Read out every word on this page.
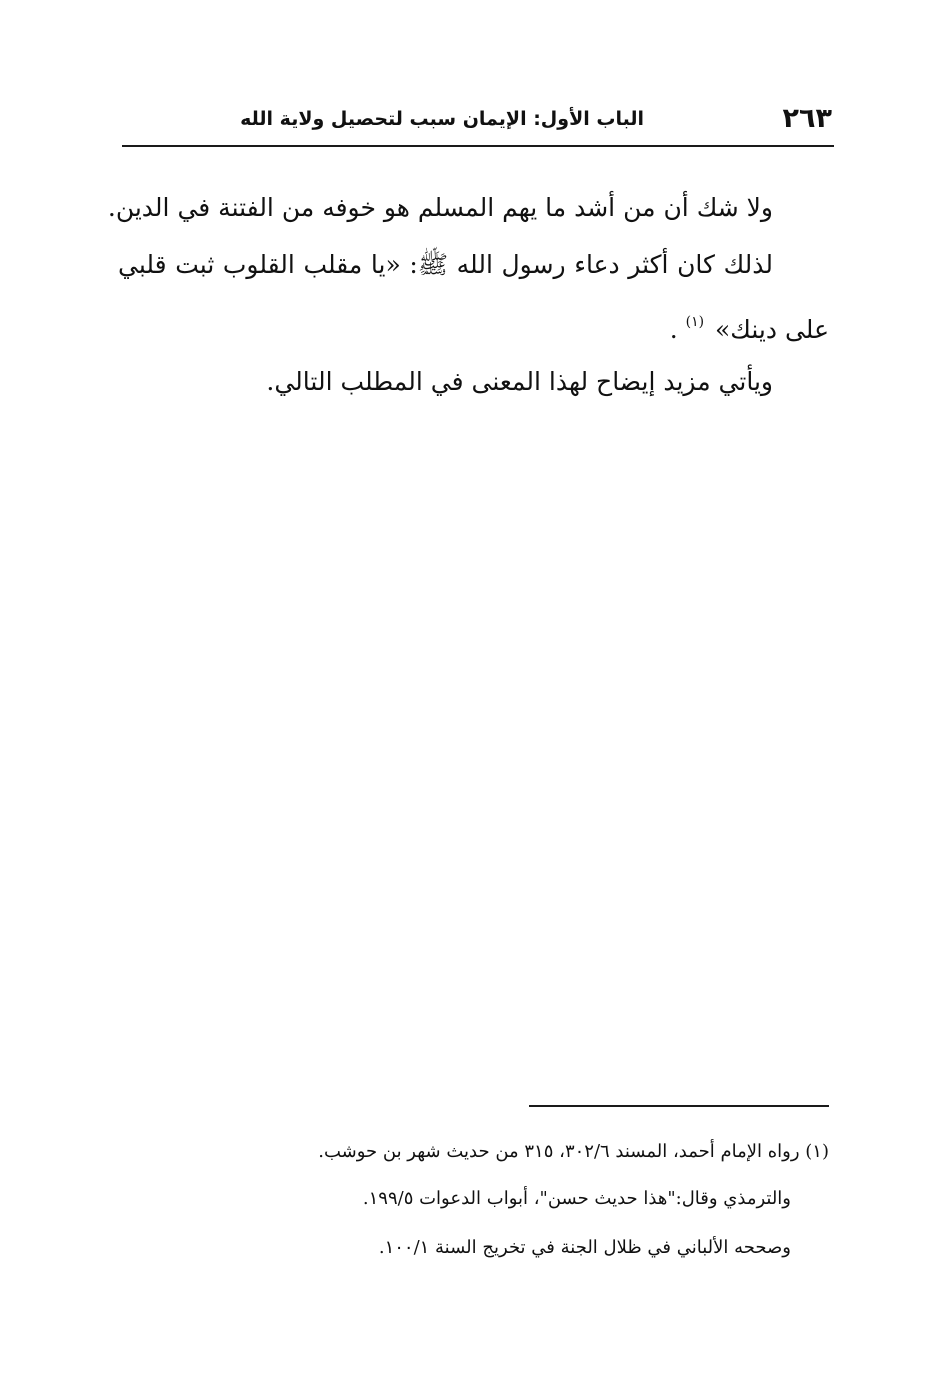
٢٦٣
الباب الأول: الإيمان سبب لتحصيل ولاية الله
ولا شك أن من أشد ما يهم المسلم هو خوفه من الفتنة في الدين.
لذلك كان أكثر دعاء رسول الله ﷺ: «يا مقلب القلوب ثبت قلبي
على دينك» $^{(١)}$ .
ويأتي مزيد إيضاح لهذا المعنى في المطلب التالي.
(١) رواه الإمام أحمد، المسند ٣٠٢/٦، ٣١٥ من حديث شهر بن حوشب.
والترمذي وقال:"هذا حديث حسن"، أبواب الدعوات ١٩٩/٥.
وصححه الألباني في ظلال الجنة في تخريج السنة ١٠٠/١.
